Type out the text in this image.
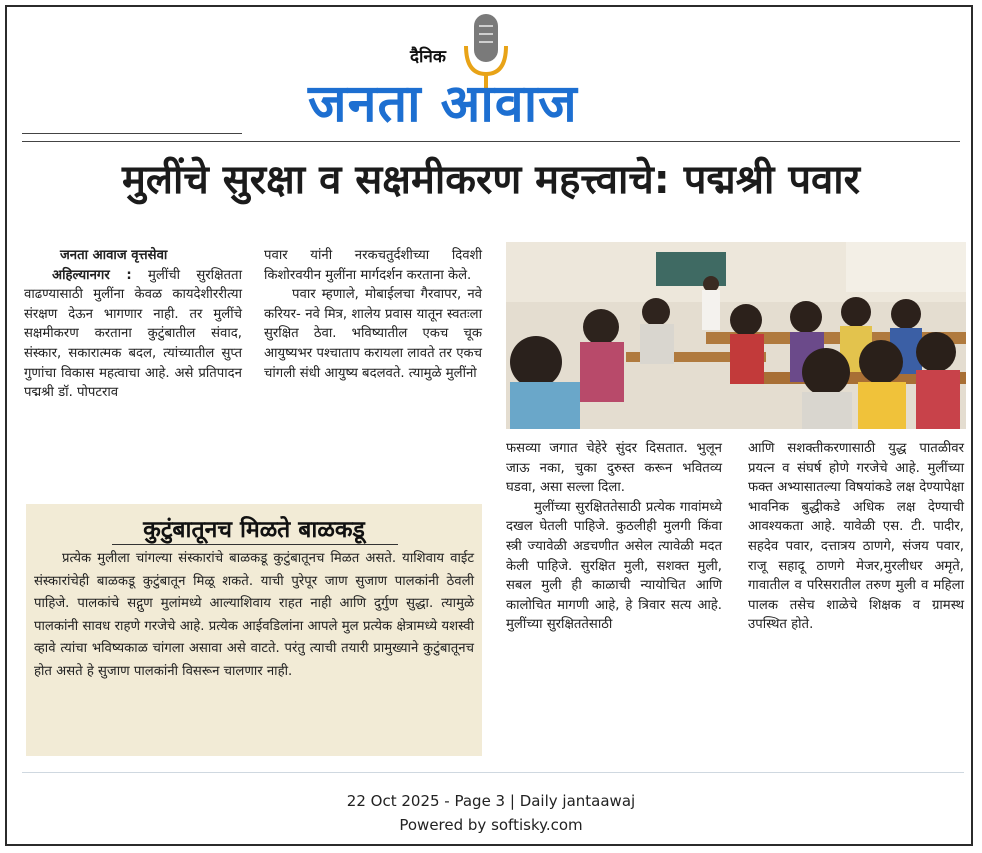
दैनिक
जनता आवाज
मुलींचे सुरक्षा व सक्षमीकरण महत्त्वाचे: पद्मश्री पवार

जनता आवाज वृत्तसेवा

अहिल्यानगर : मुलींची सुरक्षितता वाढण्यासाठी मुलींना केवळ कायदेशीररीत्या संरक्षण देऊन भागणार नाही. तर मुलींचे सक्षमीकरण करताना कुटुंबातील संवाद, संस्कार, सकारात्मक बदल, त्यांच्यातील सुप्त गुणांचा विकास महत्वाचा आहे. असे प्रतिपादन पद्मश्री डॉ. पोपटराव

पवार यांनी नरकचतुर्दशीच्या दिवशी किशोरवयीन मुलींना मार्गदर्शन करताना केले.

पवार म्हणाले, मोबाईलचा गैरवापर, नवे करियर- नवे मित्र, शालेय प्रवास यातून स्वतःला सुरक्षित ठेवा. भविष्यातील एकच चूक आयुष्यभर पश्चाताप करायला लावते तर एकच चांगली संधी आयुष्य बदलवते. त्यामुळे मुलींनो

कुटुंबातूनच मिळते बाळकडू

प्रत्येक मुलीला चांगल्या संस्कारांचे बाळकडू कुटुंबातूनच मिळत असते. याशिवाय वाईट संस्कारांचेही बाळकडू कुटुंबातून मिळू शकते. याची पुरेपूर जाण सुजाण पालकांनी ठेवली पाहिजे. पालकांचे सद्गुण मुलांमध्ये आल्याशिवाय राहत नाही आणि दुर्गुण सुद्धा. त्यामुळे पालकांनी सावध राहणे गरजेचे आहे. प्रत्येक आईवडिलांना आपले मुल प्रत्येक क्षेत्रामध्ये यशस्वी व्हावे त्यांचा भविष्यकाळ चांगला असावा असे वाटते. परंतु त्याची तयारी प्रामुख्याने कुटुंबातूनच होत असते हे सुजाण पालकांनी विसरून चालणार नाही.

फसव्या जगात चेहेरे सुंदर दिसतात. भुलून जाऊ नका, चुका दुरुस्त करून भवितव्य घडवा, असा सल्ला दिला.

मुलींच्या सुरक्षिततेसाठी प्रत्येक गावांमध्ये दखल घेतली पाहिजे. कुठलीही मुलगी किंवा स्त्री ज्यावेळी अडचणीत असेल त्यावेळी मदत केली पाहिजे. सुरक्षित मुली, सशक्त मुली, सबल मुली ही काळाची न्यायोचित आणि कालोचित मागणी आहे, हे त्रिवार सत्य आहे. मुलींच्या सुरक्षिततेसाठी

आणि सशक्तीकरणासाठी युद्ध पातळीवर प्रयत्न व संघर्ष होणे गरजेचे आहे. मुलींच्या फक्त अभ्यासातल्या विषयांकडे लक्ष देण्यापेक्षा भावनिक बुद्धीकडे अधिक लक्ष देण्याची आवश्यकता आहे. यावेळी एस. टी. पादीर, सहदेव पवार, दत्तात्रय ठाणगे, संजय पवार, राजू सहादू ठाणगे मेजर,मुरलीधर अमृते, गावातील व परिसरातील तरुण मुली व महिला पालक तसेच शाळेचे शिक्षक व ग्रामस्थ उपस्थित होते.

22 Oct 2025 - Page 3 | Daily jantaawaj
Powered by softisky.com
